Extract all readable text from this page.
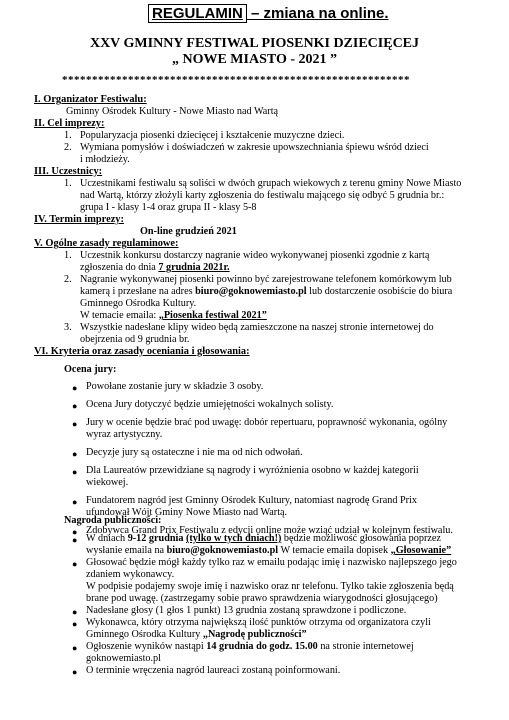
REGULAMIN – zmiana na online.
XXV GMINNY FESTIWAL PIOSENKI DZIECIĘCEJ
„ NOWE MIASTO - 2021 ”
**********************************************************
I. Organizator Festiwalu:
Gminny Ośrodek Kultury - Nowe Miasto nad Wartą
II. Cel imprezy:
1. Popularyzacja piosenki dziecięcej i kształcenie muzyczne dzieci.
2. Wymiana pomysłów i doświadczeń w zakresie upowszechniania śpiewu wśród dzieci
i młodzieży.
III. Uczestnicy:
1. Uczestnikami festiwalu są soliści w dwóch grupach wiekowych z terenu gminy Nowe Miasto
nad Wartą, którzy złożyli karty zgłoszenia do festiwalu mającego się odbyć 5 grudnia br.:
grupa I - klasy 1-4 oraz grupa II - klasy 5-8
IV. Termin imprezy:
On-line grudzień 2021
V. Ogólne zasady regulaminowe:
1. Uczestnik konkursu dostarczy nagranie wideo wykonywanej piosenki zgodnie z kartą
zgłoszenia do dnia 7 grudnia 2021r.
2. Nagranie wykonywanej piosenki powinno być zarejestrowane telefonem komórkowym lub
kamerą i przesłane na adres biuro@goknowemiasto.pl lub dostarczenie osobiście do biura
Gminnego Ośrodka Kultury.
W temacie emaila: „Piosenka festiwal 2021”
3. Wszystkie nadesłane klipy wideo będą zamieszczone na naszej stronie internetowej do
obejrzenia od 9 grudnia br.
VI. Kryteria oraz zasady oceniania i głosowania:
Ocena jury:
● Powołane zostanie jury w składzie 3 osoby.
● Ocena Jury dotyczyć będzie umiejętności wokalnych solisty.
● Jury w ocenie będzie brać pod uwagę: dobór repertuaru, poprawność wykonania, ogólny
wyraz artystyczny.
● Decyzje jury są ostateczne i nie ma od nich odwołań.
● Dla Laureatów przewidziane są nagrody i wyróżnienia osobno w każdej kategorii
wiekowej.
● Fundatorem nagród jest Gminny Ośrodek Kultury, natomiast nagrodę Grand Prix
ufundował Wójt Gminy Nowe Miasto nad Wartą.
● Zdobywca Grand Prix Festiwalu z edycji online może wziąć udział w kolejnym festiwalu.
Nagroda publiczności:
● W dniach 9-12 grudnia (tylko w tych dniach!) będzie możliwość głosowania poprzez
wysłanie emaila na biuro@goknowemiasto.pl W temacie emaila dopisek „Głosowanie”
● Głosować będzie mógł każdy tylko raz w emailu podając imię i nazwisko najlepszego jego
zdaniem wykonawcy.
W podpisie podajemy swoje imię i nazwisko oraz nr telefonu. Tylko takie zgłoszenia będą
brane pod uwagę. (zastrzegamy sobie prawo sprawdzenia wiarygodności głosującego)
● Nadesłane głosy (1 głos 1 punkt) 13 grudnia zostaną sprawdzone i podliczone.
● Wykonawca, który otrzyma największą ilość punktów otrzyma od organizatora czyli
Gminnego Ośrodka Kultury „Nagrodę publiczności”
● Ogłoszenie wyników nastąpi 14 grudnia do godz. 15.00 na stronie internetowej
goknowemiasto.pl
● O terminie wręczenia nagród laureaci zostaną poinformowani.
